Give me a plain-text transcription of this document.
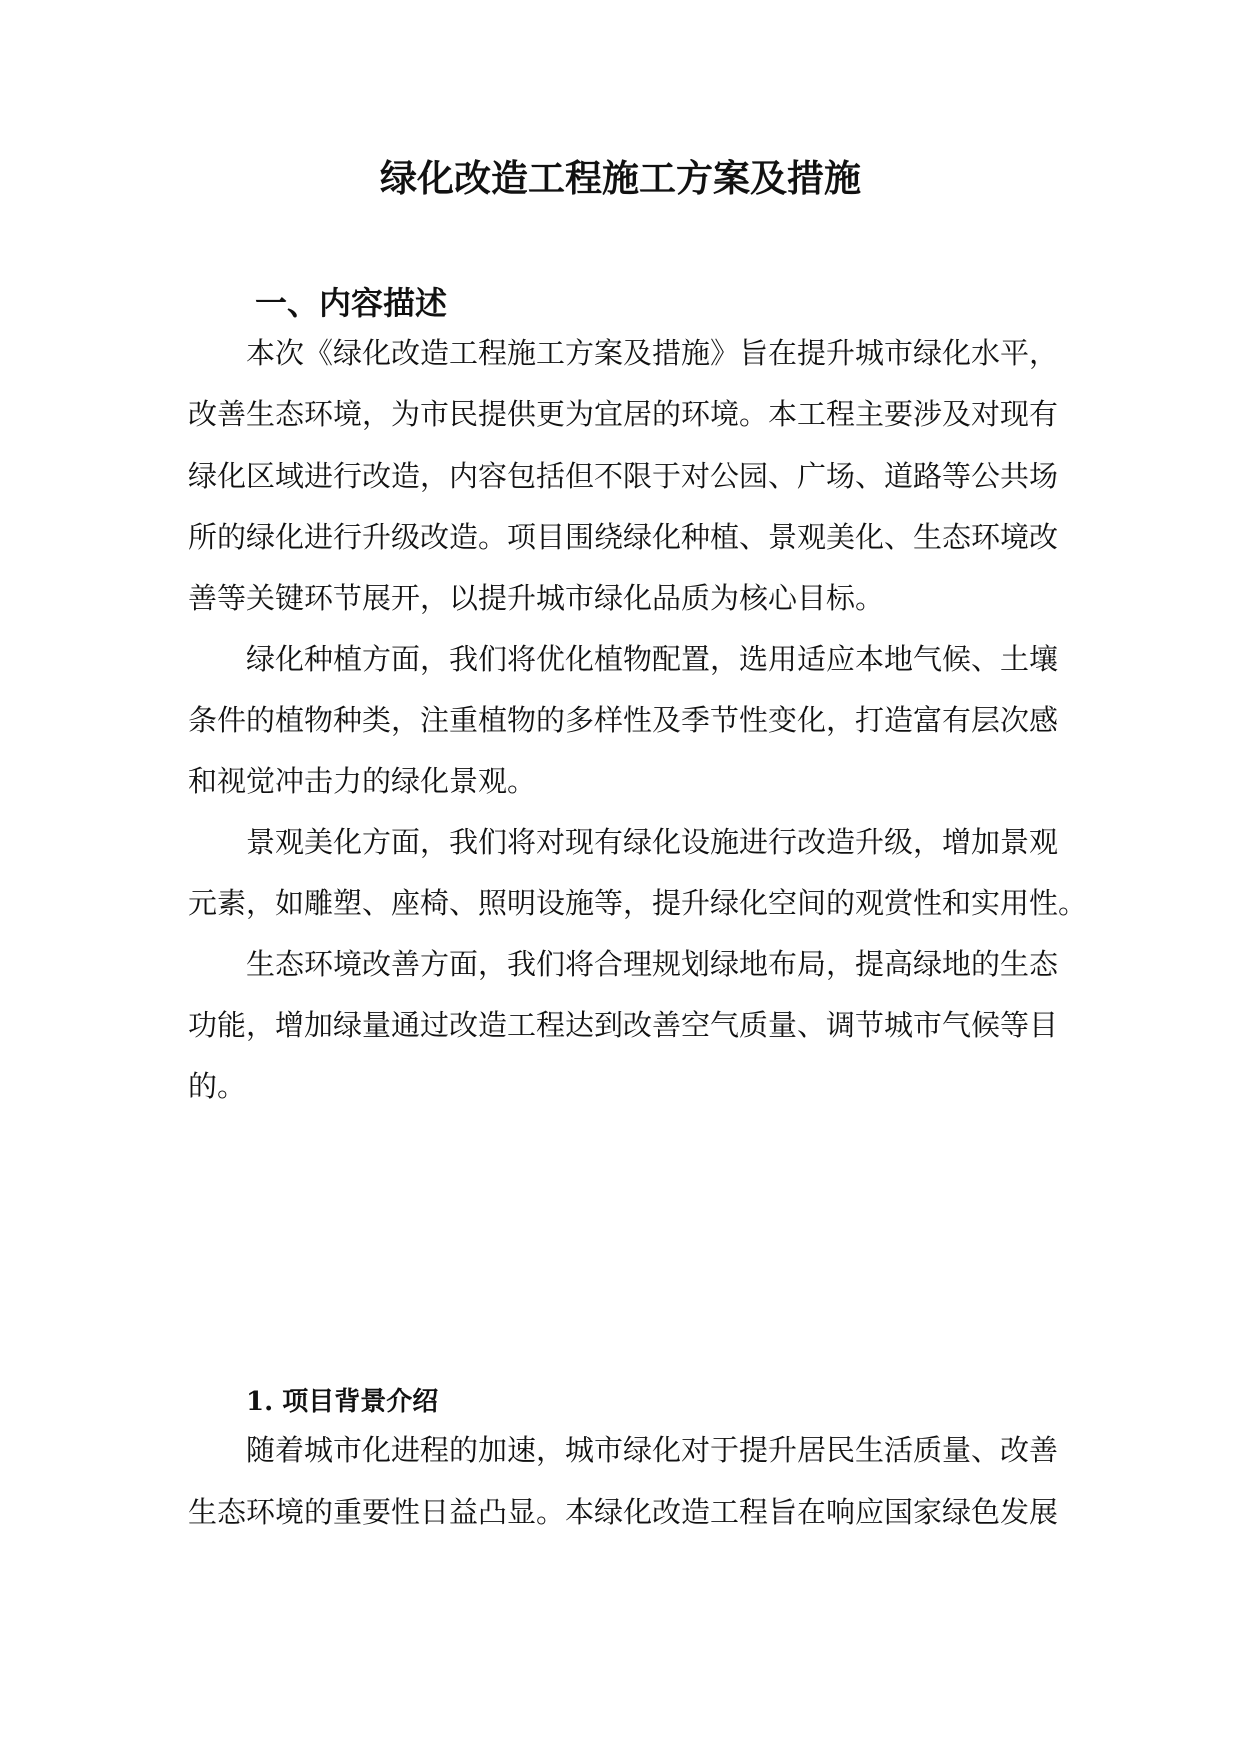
绿化改造工程施工方案及措施
一、内容描述

本次《绿化改造工程施工方案及措施》旨在提升城市绿化水平，

改善生态环境，为市民提供更为宜居的环境。本工程主要涉及对现有

绿化区域进行改造，内容包括但不限于对公园、广场、道路等公共场

所的绿化进行升级改造。项目围绕绿化种植、景观美化、生态环境改

善等关键环节展开，以提升城市绿化品质为核心目标。

绿化种植方面，我们将优化植物配置，选用适应本地气候、土壤

条件的植物种类，注重植物的多样性及季节性变化，打造富有层次感

和视觉冲击力的绿化景观。

景观美化方面，我们将对现有绿化设施进行改造升级，增加景观

元素，如雕塑、座椅、照明设施等，提升绿化空间的观赏性和实用性。

生态环境改善方面，我们将合理规划绿地布局，提高绿地的生态

功能，增加绿量通过改造工程达到改善空气质量、调节城市气候等目

的。

1. 项目背景介绍

随着城市化进程的加速，城市绿化对于提升居民生活质量、改善

生态环境的重要性日益凸显。本绿化改造工程旨在响应国家绿色发展
